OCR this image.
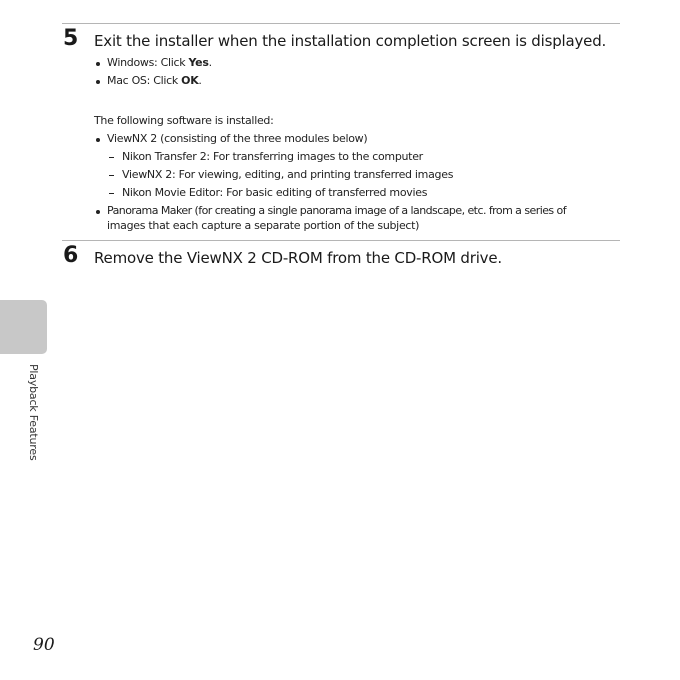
5 Exit the installer when the installation completion screen is displayed.
Windows: Click Yes.
Mac OS: Click OK.
The following software is installed:
ViewNX 2 (consisting of the three modules below)
Nikon Transfer 2: For transferring images to the computer
ViewNX 2: For viewing, editing, and printing transferred images
Nikon Movie Editor: For basic editing of transferred movies
Panorama Maker (for creating a single panorama image of a landscape, etc. from a series of
images that each capture a separate portion of the subject)
6 Remove the ViewNX 2 CD-ROM from the CD-ROM drive.
Playback Features
90
